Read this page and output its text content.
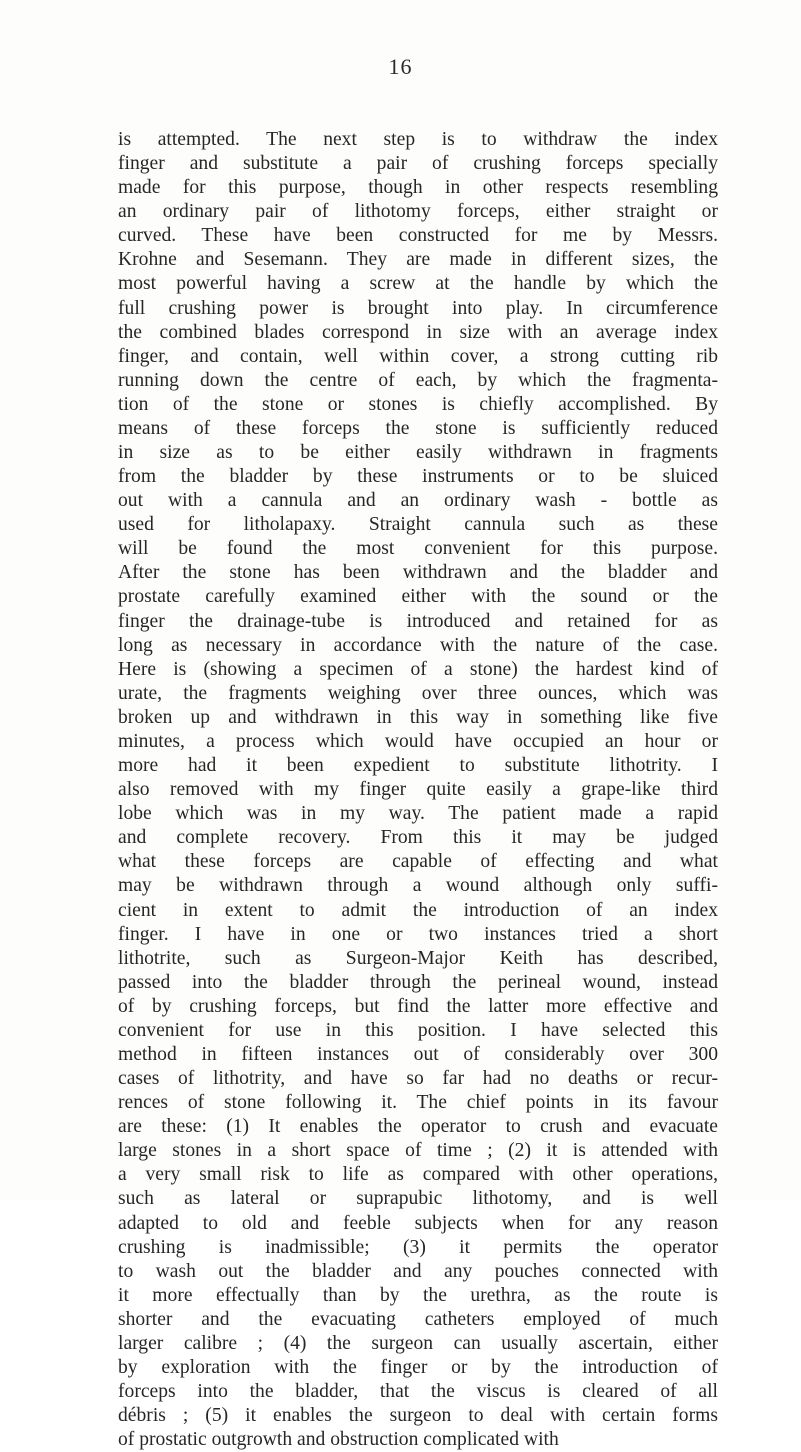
16
is attempted. The next step is to withdraw the index
finger and substitute a pair of crushing forceps specially
made for this purpose, though in other respects resembling
an ordinary pair of lithotomy forceps, either straight or
curved. These have been constructed for me by Messrs.
Krohne and Sesemann. They are made in different sizes, the
most powerful having a screw at the handle by which the
full crushing power is brought into play. In circumference
the combined blades correspond in size with an average index
finger, and contain, well within cover, a strong cutting rib
running down the centre of each, by which the fragmenta-
tion of the stone or stones is chiefly accomplished. By
means of these forceps the stone is sufficiently reduced
in size as to be either easily withdrawn in fragments
from the bladder by these instruments or to be sluiced
out with a cannula and an ordinary wash - bottle as
used for litholapaxy. Straight cannula such as these
will be found the most convenient for this purpose.
After the stone has been withdrawn and the bladder and
prostate carefully examined either with the sound or the
finger the drainage-tube is introduced and retained for as
long as necessary in accordance with the nature of the case.
Here is (showing a specimen of a stone) the hardest kind of
urate, the fragments weighing over three ounces, which was
broken up and withdrawn in this way in something like five
minutes, a process which would have occupied an hour or
more had it been expedient to substitute lithotrity. I
also removed with my finger quite easily a grape-like third
lobe which was in my way. The patient made a rapid
and complete recovery. From this it may be judged
what these forceps are capable of effecting and what
may be withdrawn through a wound although only suffi-
cient in extent to admit the introduction of an index
finger. I have in one or two instances tried a short
lithotrite, such as Surgeon-Major Keith has described,
passed into the bladder through the perineal wound, instead
of by crushing forceps, but find the latter more effective and
convenient for use in this position. I have selected this
method in fifteen instances out of considerably over 300
cases of lithotrity, and have so far had no deaths or recur-
rences of stone following it. The chief points in its favour
are these: (1) It enables the operator to crush and evacuate
large stones in a short space of time ; (2) it is attended with
a very small risk to life as compared with other operations,
such as lateral or suprapubic lithotomy, and is well
adapted to old and feeble subjects when for any reason
crushing is inadmissible; (3) it permits the operator
to wash out the bladder and any pouches connected with
it more effectually than by the urethra, as the route is
shorter and the evacuating catheters employed of much
larger calibre ; (4) the surgeon can usually ascertain, either
by exploration with the finger or by the introduction of
forceps into the bladder, that the viscus is cleared of all
débris ; (5) it enables the surgeon to deal with certain forms
of prostatic outgrowth and obstruction complicated with
